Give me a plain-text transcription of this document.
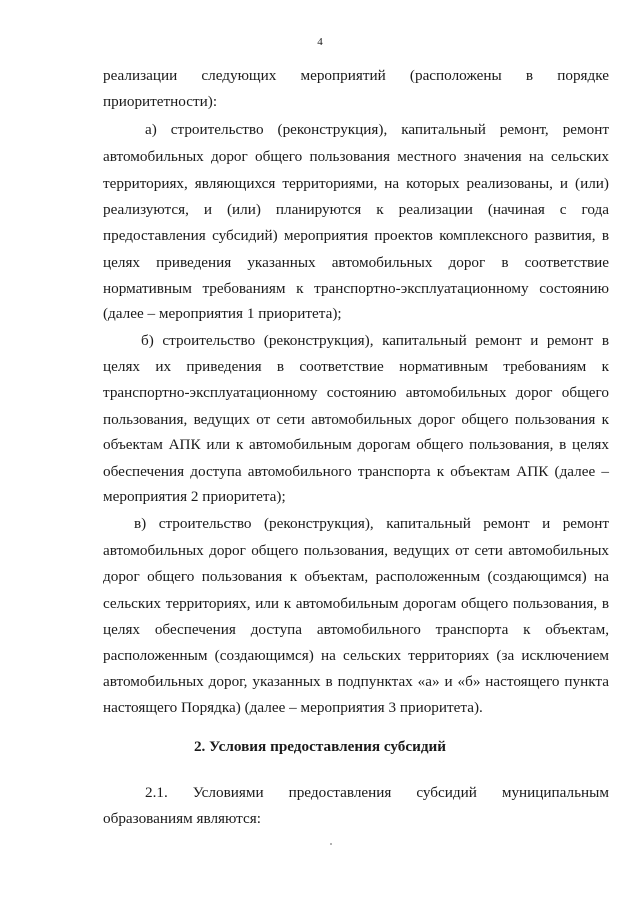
4
реализации следующих мероприятий (расположены в порядке
приоритетности):
а) строительство (реконструкция), капитальный ремонт, ремонт
автомобильных дорог общего пользования местного значения на сельских
территориях, являющихся территориями, на которых реализованы, и (или)
реализуются, и (или) планируются к реализации (начиная с года
предоставления субсидий) мероприятия проектов комплексного развития, в
целях приведения указанных автомобильных дорог в соответствие
нормативным требованиям к транспортно-эксплуатационному состоянию
(далее – мероприятия 1 приоритета);
б) строительство (реконструкция), капитальный ремонт и ремонт в
целях их приведения в соответствие нормативным требованиям к
транспортно-эксплуатационному состоянию автомобильных дорог общего
пользования, ведущих от сети автомобильных дорог общего пользования к
объектам АПК или к автомобильным дорогам общего пользования, в целях
обеспечения доступа автомобильного транспорта к объектам АПК (далее –
мероприятия 2 приоритета);
в) строительство (реконструкция), капитальный ремонт и ремонт
автомобильных дорог общего пользования, ведущих от сети автомобильных
дорог общего пользования к объектам, расположенным (создающимся) на
сельских территориях, или к автомобильным дорогам общего пользования, в
целях обеспечения доступа автомобильного транспорта к объектам,
расположенным (создающимся) на сельских территориях (за исключением
автомобильных дорог, указанных в подпунктах «а» и «б» настоящего пункта
настоящего Порядка) (далее – мероприятия 3 приоритета).
2. Условия предоставления субсидий
2.1. Условиями предоставления субсидий муниципальным
образованиям являются:
